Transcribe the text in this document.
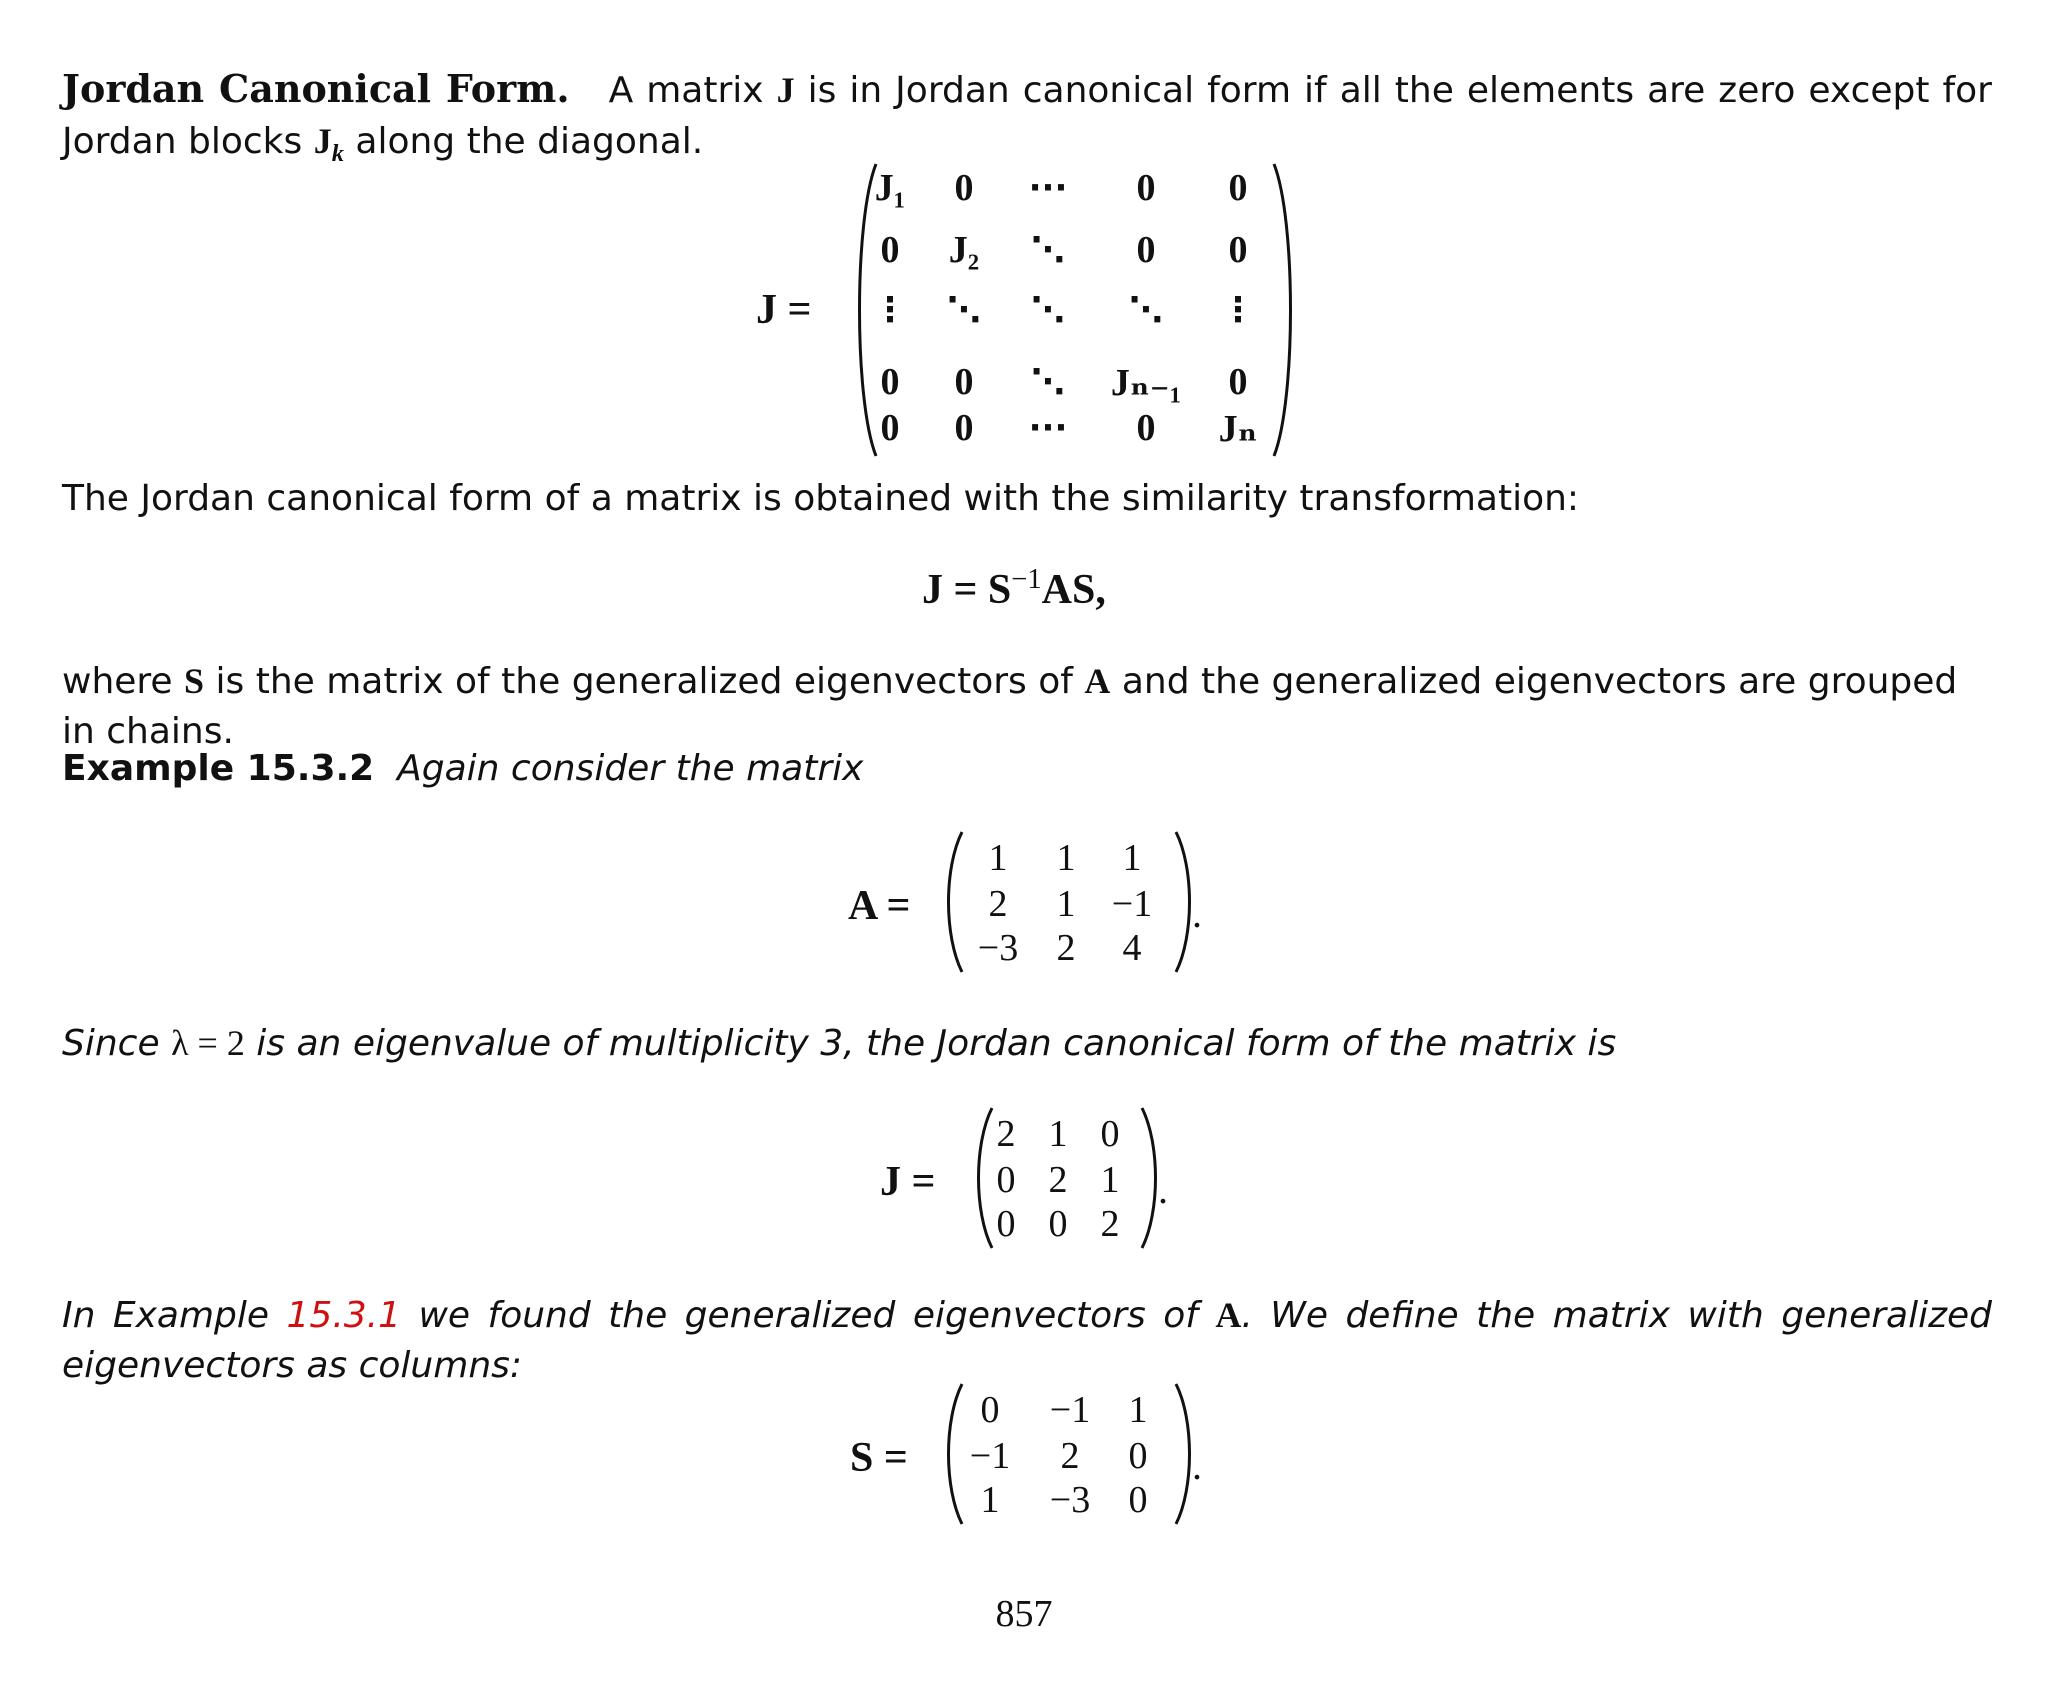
Jordan Canonical Form. A matrix J is in Jordan canonical form if all the elements are zero except for Jordan blocks $J_k$ along the diagonal.

J =
J₁ 0 ··· 0 0
0 J₂ ⋱ 0 0
⋮ ⋱ ⋱ ⋱ ⋮
0 0 ⋱ Jₙ₋₁ 0
0 0 ··· 0 Jₙ

The Jordan canonical form of a matrix is obtained with the similarity transformation:

$J = S^{-1}AS$,

where S is the matrix of the generalized eigenvectors of A and the generalized eigenvectors are grouped in chains.

Example 15.3.2 Again consider the matrix

A =
1 1 1
2 1 −1
−3 2 4
.

Since λ = 2 is an eigenvalue of multiplicity 3, the Jordan canonical form of the matrix is

J =
2 1 0
0 2 1
0 0 2
.

In Example 15.3.1 we found the generalized eigenvectors of A. We define the matrix with generalized eigenvectors as columns:

S =
0 −1 1
−1 2 0
1 −3 0
.
857
